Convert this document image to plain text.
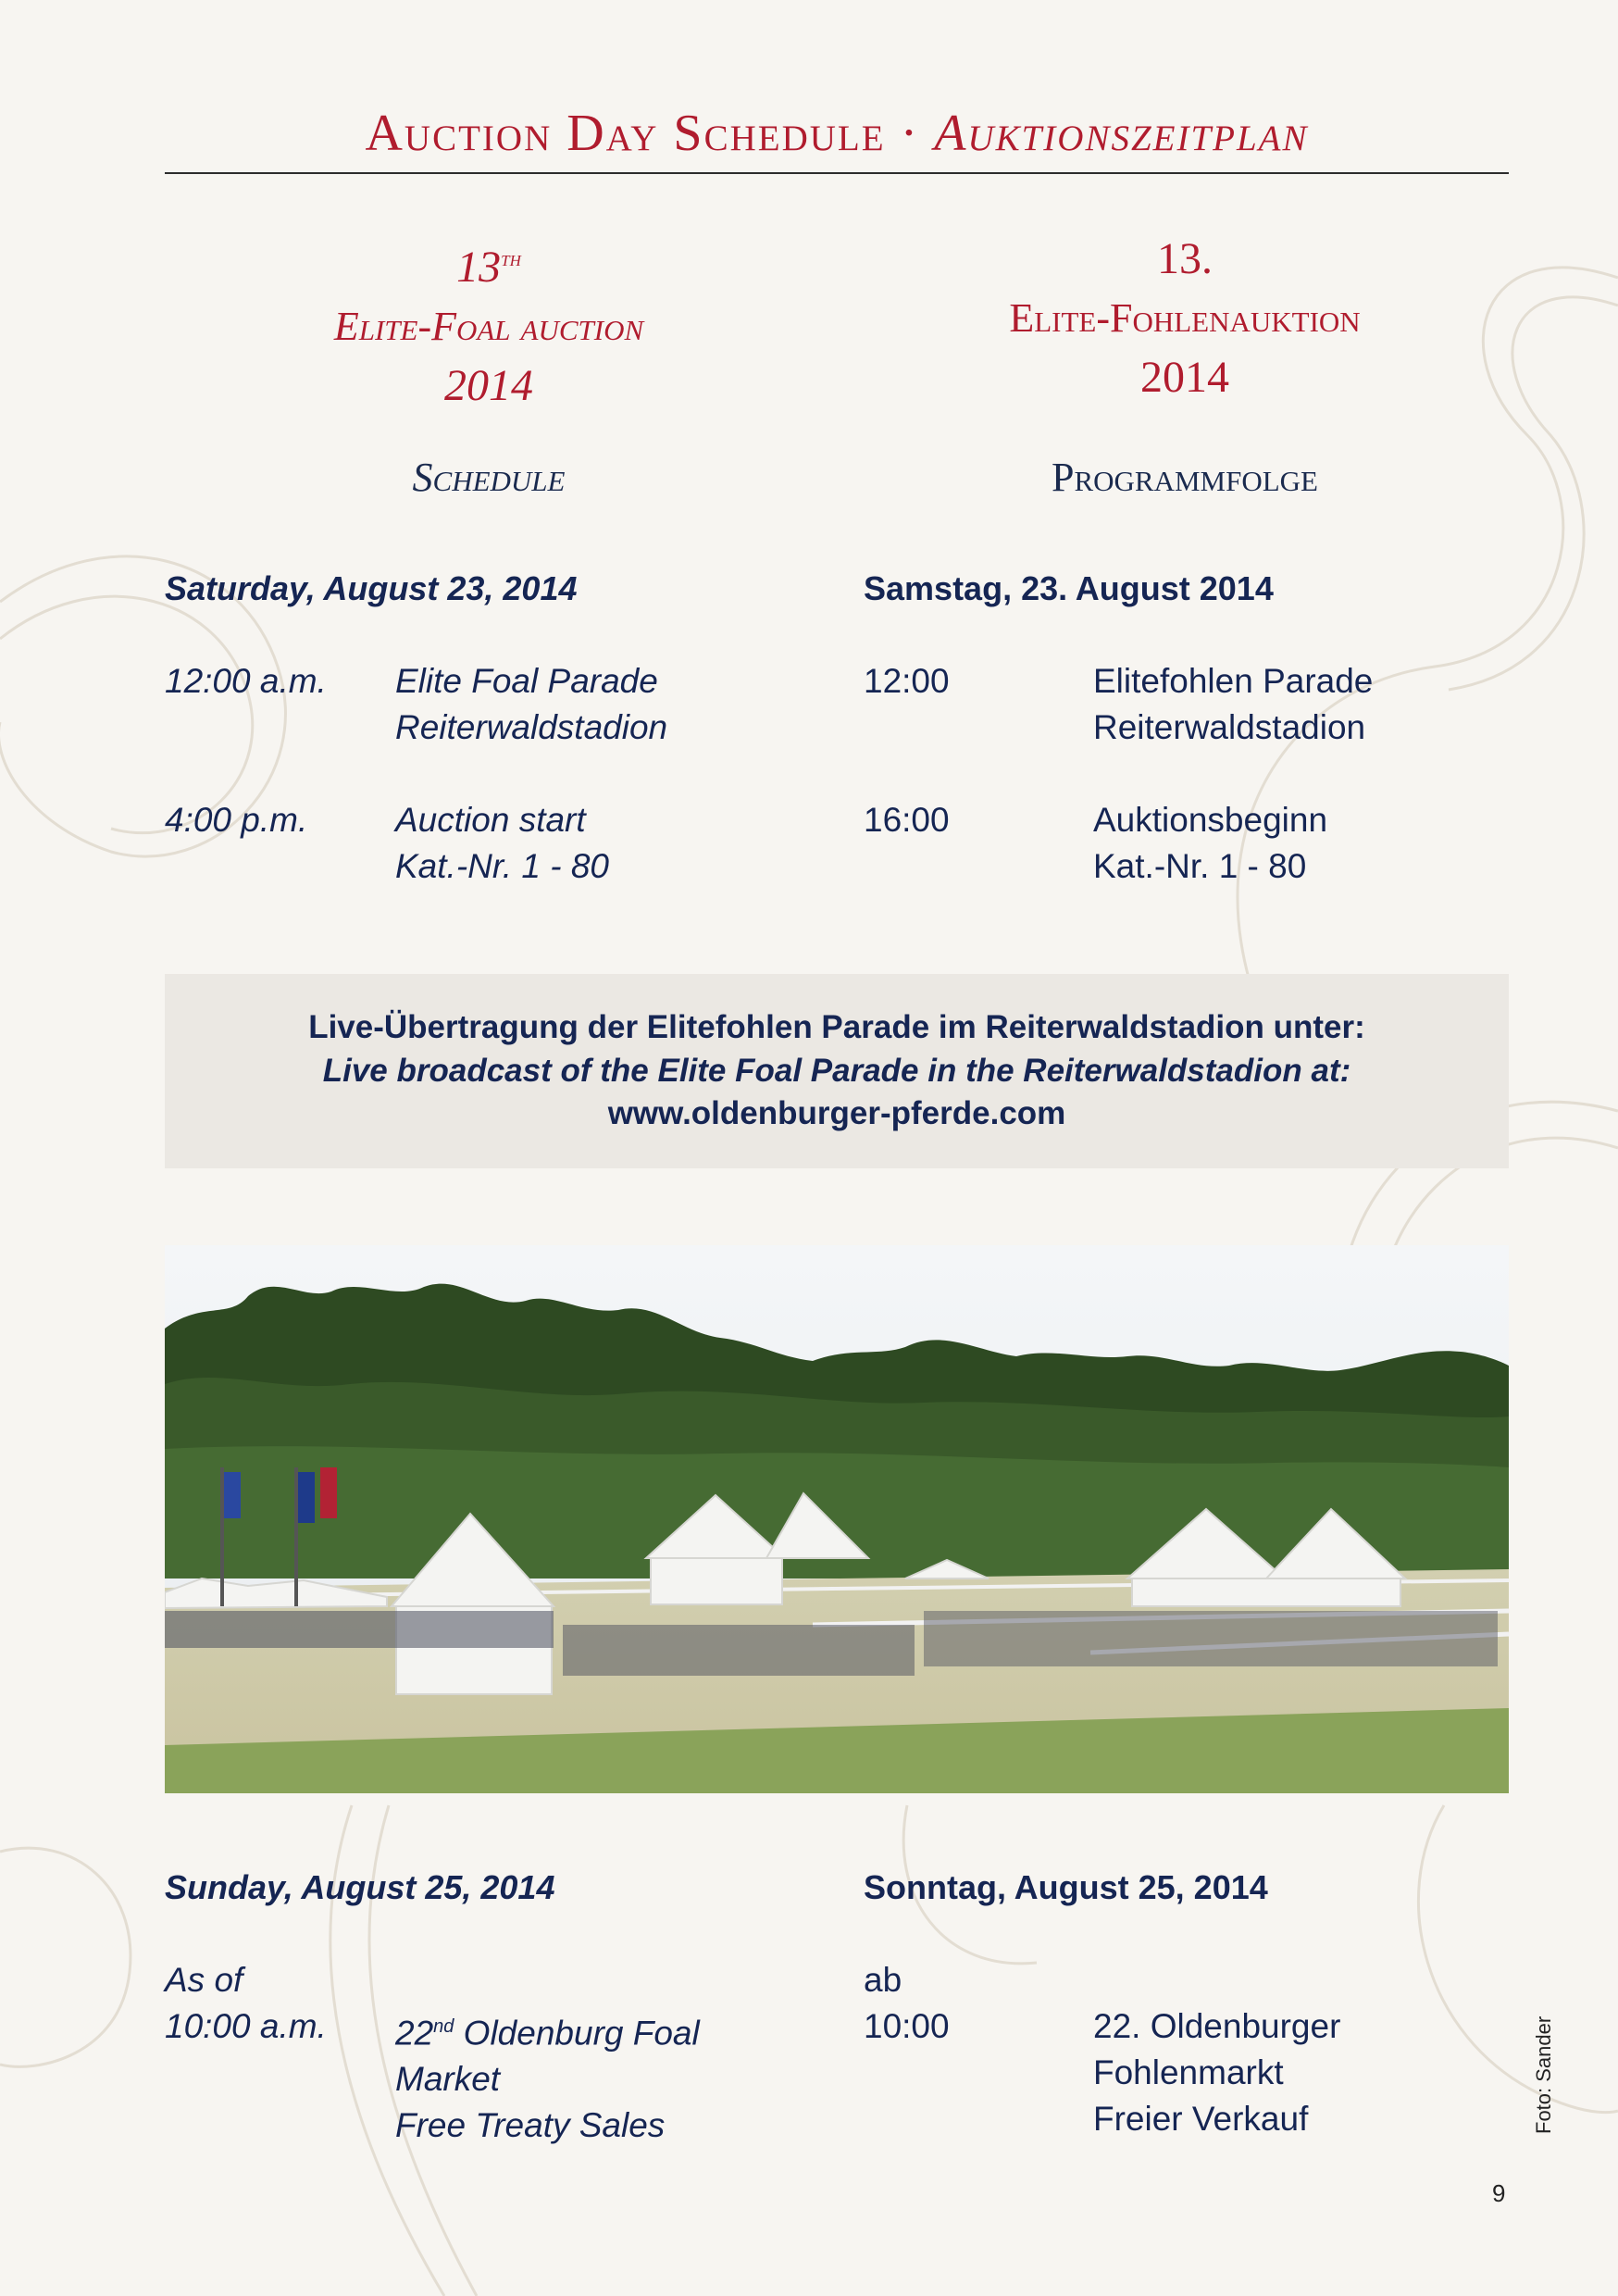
Auction Day Schedule · Auktionszeitplan
13th
Elite-Foal auction
2014
13.
Elite-Fohlenauktion
2014
Schedule	Programmfolge
Saturday, August 23, 2014	Samstag, 23. August 2014
12:00 a.m. Elite Foal Parade
Reiterwaldstadion
12:00	Elitefohlen Parade
Reiterwaldstadion
4:00 p.m.	Auction start
Kat.-Nr. 1 - 80
16:00	Auktionsbeginn
Kat.-Nr. 1 - 80
Live-Übertragung der Elitefohlen Parade im Reiterwaldstadion unter:
Live broadcast of the Elite Foal Parade in the Reiterwaldstadion at:
www.oldenburger-pferde.com
Foto: Sander
Sunday, August 25, 2014	Sonntag, August 25, 2014
As of
10:00 a.m. 22nd Oldenburg Foal
Market
Free Treaty Sales
ab
10:00	22. Oldenburger
Fohlenmarkt
Freier Verkauf
9
